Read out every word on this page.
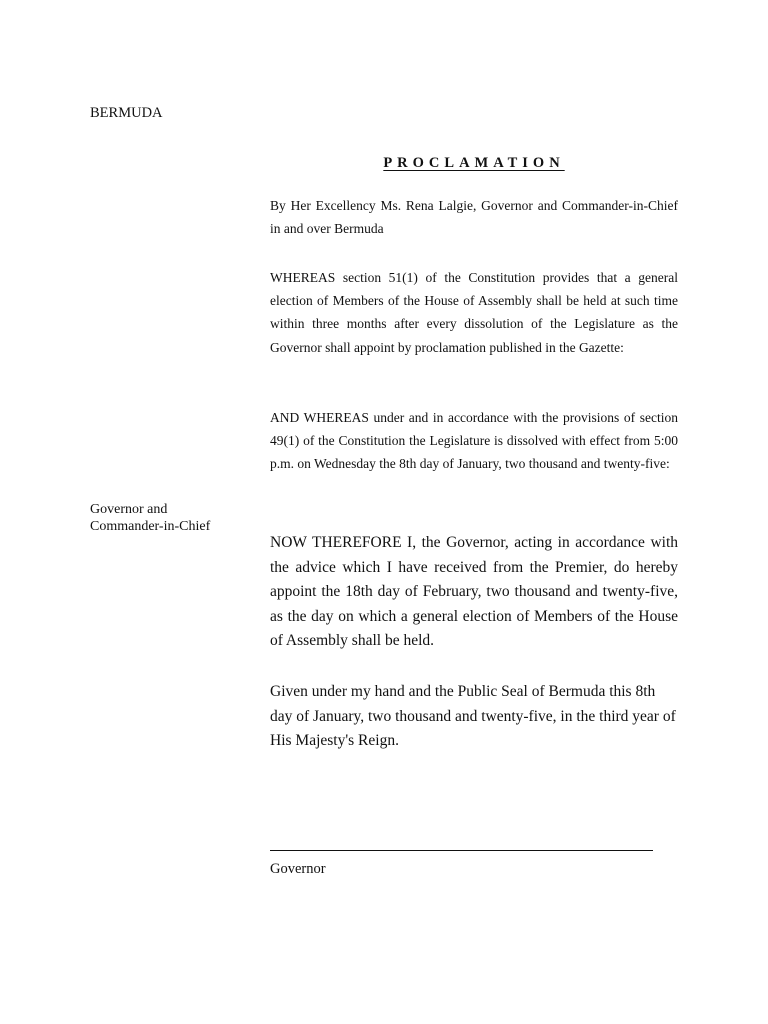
BERMUDA
PROCLAMATION
Governor and
Commander-in-Chief

By Her Excellency Ms. Rena Lalgie, Governor and Commander-in-Chief in and over Bermuda

WHEREAS section 51(1) of the Constitution provides that a general election of Members of the House of Assembly shall be held at such time within three months after every dissolution of the Legislature as the Governor shall appoint by proclamation published in the Gazette:

AND WHEREAS under and in accordance with the provisions of section 49(1) of the Constitution the Legislature is dissolved with effect from 5:00 p.m. on Wednesday the 8th day of January, two thousand and twenty-five:

NOW THEREFORE I, the Governor, acting in accordance with the advice which I have received from the Premier, do hereby appoint the 18th day of February, two thousand and twenty-five, as the day on which a general election of Members of the House of Assembly shall be held.

Given under my hand and the Public Seal of Bermuda this 8th day of January, two thousand and twenty-five, in the third year of His Majesty's Reign.

Governor
